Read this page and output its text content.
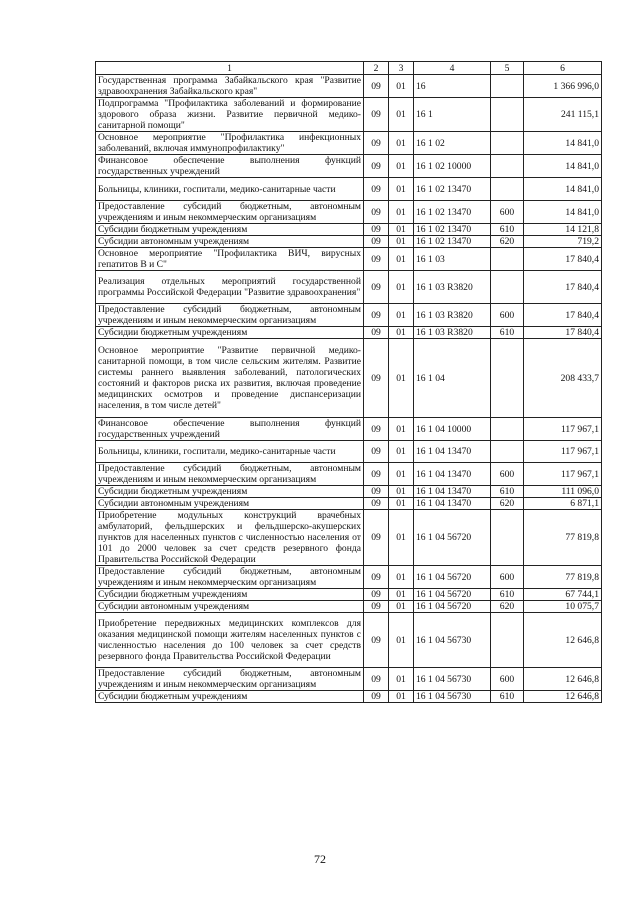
1	2	3	4	5	6
Государственная программа Забайкальского края "Развитие здравоохранения Забайкальского края"	09	01	16		1 366 996,0
Подпрограмма "Профилактика заболеваний и формирование здорового образа жизни. Развитие первичной медико-санитарной помощи"	09	01	16 1		241 115,1
Основное мероприятие "Профилактика инфекционных заболеваний, включая иммунопрофилактику"	09	01	16 1 02		14 841,0
Финансовое обеспечение выполнения функций государственных учреждений	09	01	16 1 02 10000		14 841,0
Больницы, клиники, госпитали, медико-санитарные части	09	01	16 1 02 13470		14 841,0
Предоставление субсидий бюджетным, автономным учреждениям и иным некоммерческим организациям	09	01	16 1 02 13470	600	14 841,0
Субсидии бюджетным учреждениям	09	01	16 1 02 13470	610	14 121,8
Субсидии автономным учреждениям	09	01	16 1 02 13470	620	719,2
Основное мероприятие "Профилактика ВИЧ, вирусных гепатитов В и С"	09	01	16 1 03		17 840,4
Реализация отдельных мероприятий государственной программы Российской Федерации "Развитие здравоохранения"	09	01	16 1 03 R3820		17 840,4
Предоставление субсидий бюджетным, автономным учреждениям и иным некоммерческим организациям	09	01	16 1 03 R3820	600	17 840,4
Субсидии бюджетным учреждениям	09	01	16 1 03 R3820	610	17 840,4
Основное мероприятие "Развитие первичной медико-санитарной помощи, в том числе сельским жителям. Развитие системы раннего выявления заболеваний, патологических состояний и факторов риска их развития, включая проведение медицинских осмотров и проведение диспансеризации населения, в том числе детей"	09	01	16 1 04		208 433,7
Финансовое обеспечение выполнения функций государственных учреждений	09	01	16 1 04 10000		117 967,1
Больницы, клиники, госпитали, медико-санитарные части	09	01	16 1 04 13470		117 967,1
Предоставление субсидий бюджетным, автономным учреждениям и иным некоммерческим организациям	09	01	16 1 04 13470	600	117 967,1
Субсидии бюджетным учреждениям	09	01	16 1 04 13470	610	111 096,0
Субсидии автономным учреждениям	09	01	16 1 04 13470	620	6 871,1
Приобретение модульных конструкций врачебных амбулаторий, фельдшерских и фельдшерско-акушерских пунктов для населенных пунктов с численностью населения от 101 до 2000 человек за счет средств резервного фонда Правительства Российской Федерации	09	01	16 1 04 56720		77 819,8
Предоставление субсидий бюджетным, автономным учреждениям и иным некоммерческим организациям	09	01	16 1 04 56720	600	77 819,8
Субсидии бюджетным учреждениям	09	01	16 1 04 56720	610	67 744,1
Субсидии автономным учреждениям	09	01	16 1 04 56720	620	10 075,7
Приобретение передвижных медицинских комплексов для оказания медицинской помощи жителям населенных пунктов с численностью населения до 100 человек за счет средств резервного фонда Правительства Российской Федерации	09	01	16 1 04 56730		12 646,8
Предоставление субсидий бюджетным, автономным учреждениям и иным некоммерческим организациям	09	01	16 1 04 56730	600	12 646,8
Субсидии бюджетным учреждениям	09	01	16 1 04 56730	610	12 646,8
72
